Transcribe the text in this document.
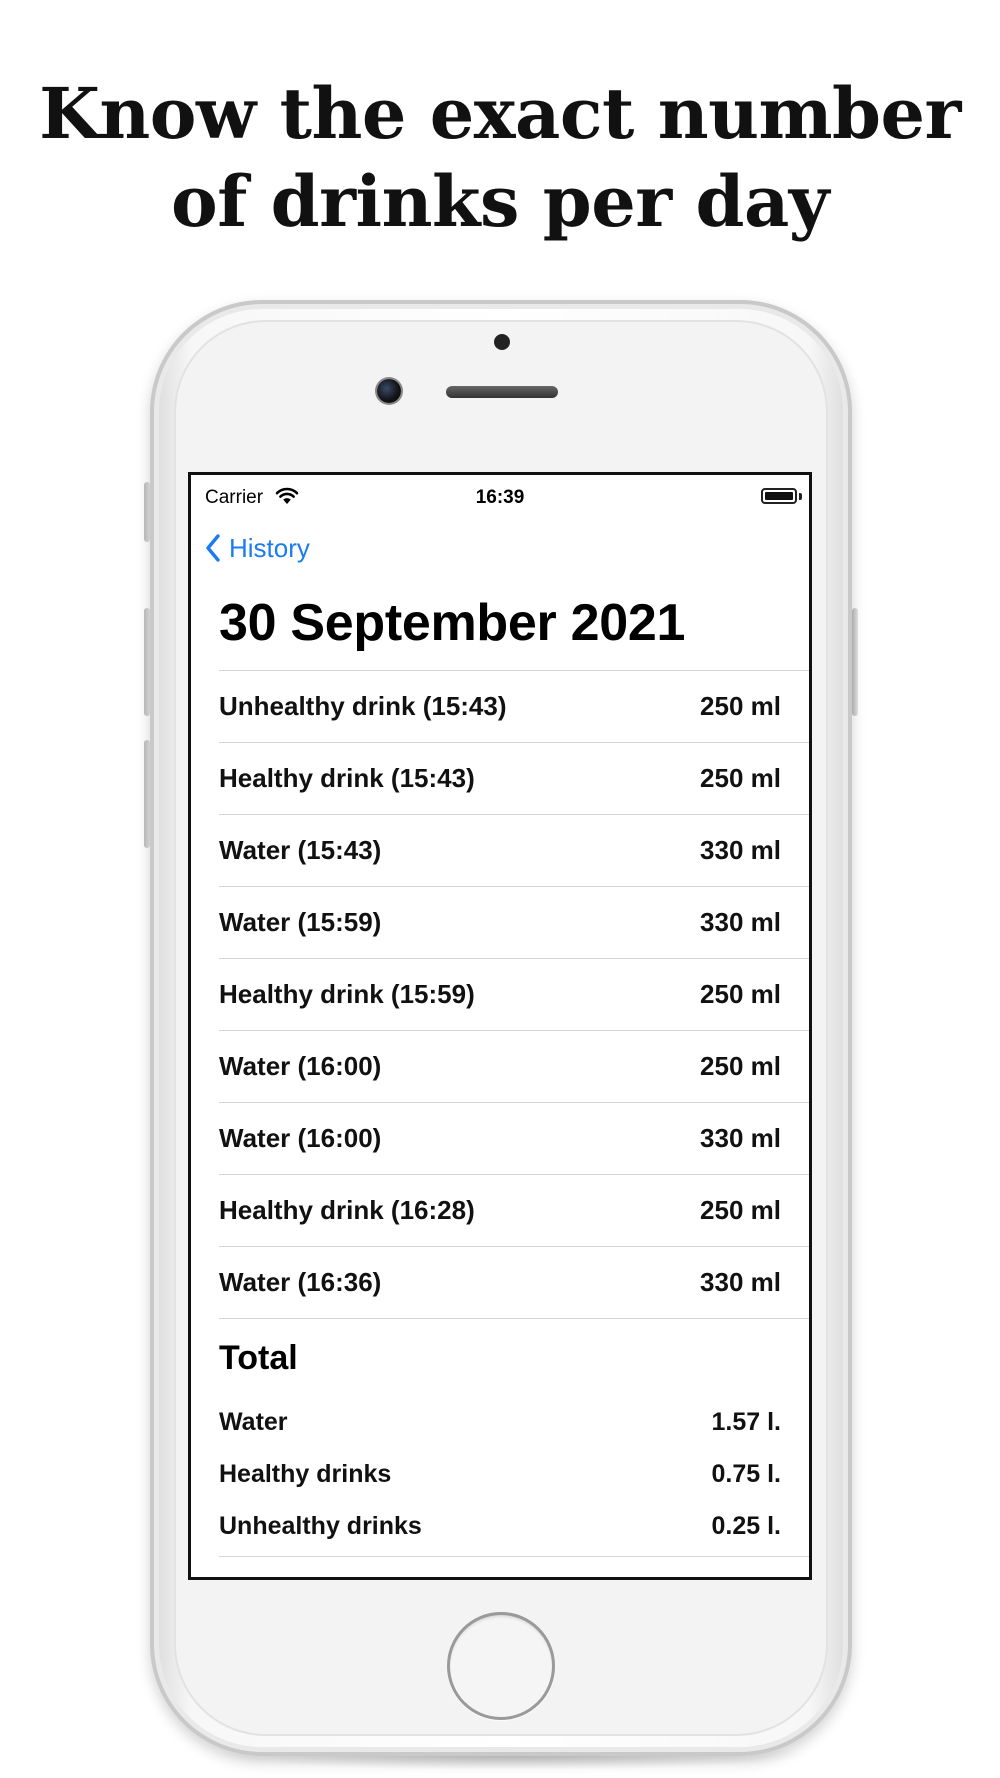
Know the exact number
of drinks per day
Carrier	16:39
History
30 September 2021
Unhealthy drink (15:43)	250 ml
Healthy drink (15:43)	250 ml
Water (15:43)	330 ml
Water (15:59)	330 ml
Healthy drink (15:59)	250 ml
Water (16:00)	250 ml
Water (16:00)	330 ml
Healthy drink (16:28)	250 ml
Water (16:36)	330 ml
Total
Water	1.57 l.
Healthy drinks	0.75 l.
Unhealthy drinks	0.25 l.
